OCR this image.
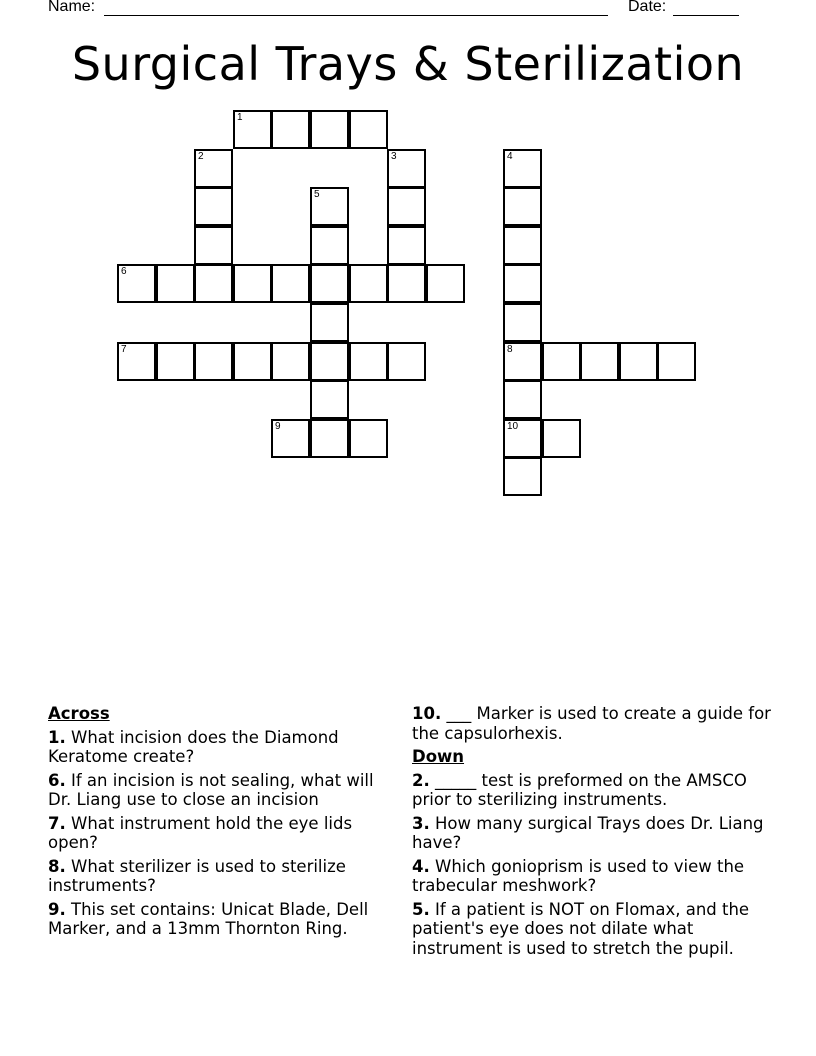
Name:	Date:
Surgical Trays & Sterilization
1
2	3	4
5
6
7	8
9	10
Across
1. What incision does the Diamond Keratome create?
6. If an incision is not sealing, what will Dr. Liang use to close an incision
7. What instrument hold the eye lids open?
8. What sterilizer is used to sterilize instruments?
9. This set contains: Unicat Blade, Dell Marker, and a 13mm Thornton Ring.
10. ___ Marker is used to create a guide for the capsulorhexis.
Down
2. _____ test is preformed on the AMSCO prior to sterilizing instruments.
3. How many surgical Trays does Dr. Liang have?
4. Which gonioprism is used to view the trabecular meshwork?
5. If a patient is NOT on Flomax, and the patient's eye does not dilate what instrument is used to stretch the pupil.
